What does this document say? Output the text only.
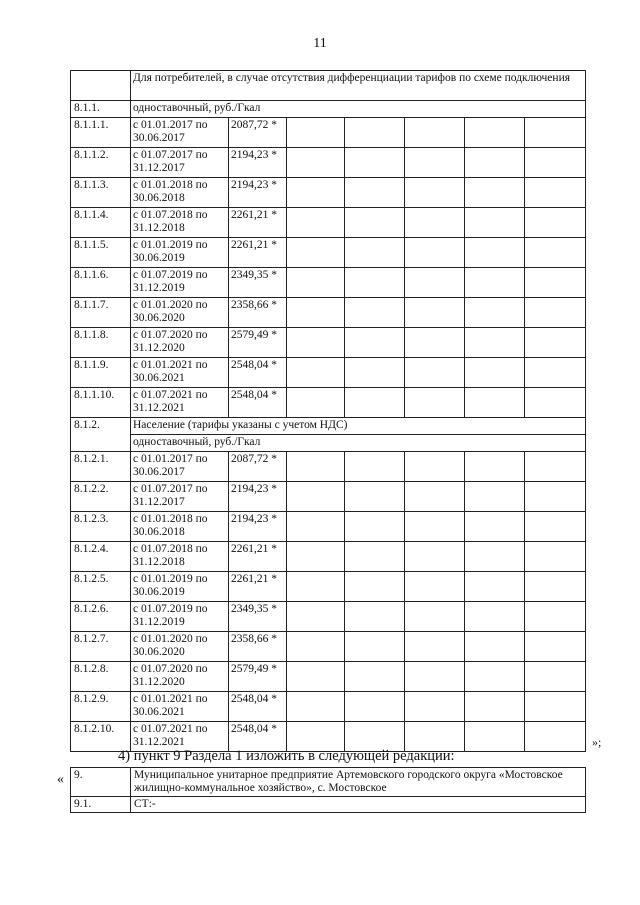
11
	Для потребителей, в случае отсутствия дифференциации тарифов по схеме подключения						
8.1.1.	одноставочный, руб./Гкал						
8.1.1.1.	с 01.01.2017 по 30.06.2017	2087,72 *					
8.1.1.2.	с 01.07.2017 по 31.12.2017	2194,23 *					
8.1.1.3.	с 01.01.2018 по 30.06.2018	2194,23 *					
8.1.1.4.	с 01.07.2018 по 31.12.2018	2261,21 *					
8.1.1.5.	с 01.01.2019 по 30.06.2019	2261,21 *					
8.1.1.6.	с 01.07.2019 по 31.12.2019	2349,35 *					
8.1.1.7.	с 01.01.2020 по 30.06.2020	2358,66 *					
8.1.1.8.	с 01.07.2020 по 31.12.2020	2579,49 *					
8.1.1.9.	с 01.01.2021 по 30.06.2021	2548,04 *					
8.1.1.10.	с 01.07.2021 по 31.12.2021	2548,04 *					
8.1.2.	Население (тарифы указаны с учетом НДС)						
	одноставочный, руб./Гкал						
8.1.2.1.	с 01.01.2017 по 30.06.2017	2087,72 *					
8.1.2.2.	с 01.07.2017 по 31.12.2017	2194,23 *					
8.1.2.3.	с 01.01.2018 по 30.06.2018	2194,23 *					
8.1.2.4.	с 01.07.2018 по 31.12.2018	2261,21 *					
8.1.2.5.	с 01.01.2019 по 30.06.2019	2261,21 *					
8.1.2.6.	с 01.07.2019 по 31.12.2019	2349,35 *					
8.1.2.7.	с 01.01.2020 по 30.06.2020	2358,66 *					
8.1.2.8.	с 01.07.2020 по 31.12.2020	2579,49 *					
8.1.2.9.	с 01.01.2021 по 30.06.2021	2548,04 *					
8.1.2.10.	с 01.07.2021 по 31.12.2021	2548,04 *					
»;
4) пункт 9 Раздела 1 изложить в следующей редакции:
« 9.	Муниципальное унитарное предприятие Артемовского городского округа «Мостовское жилищно-коммунальное хозяйство», с. Мостовское
9.1.	СТ:-
